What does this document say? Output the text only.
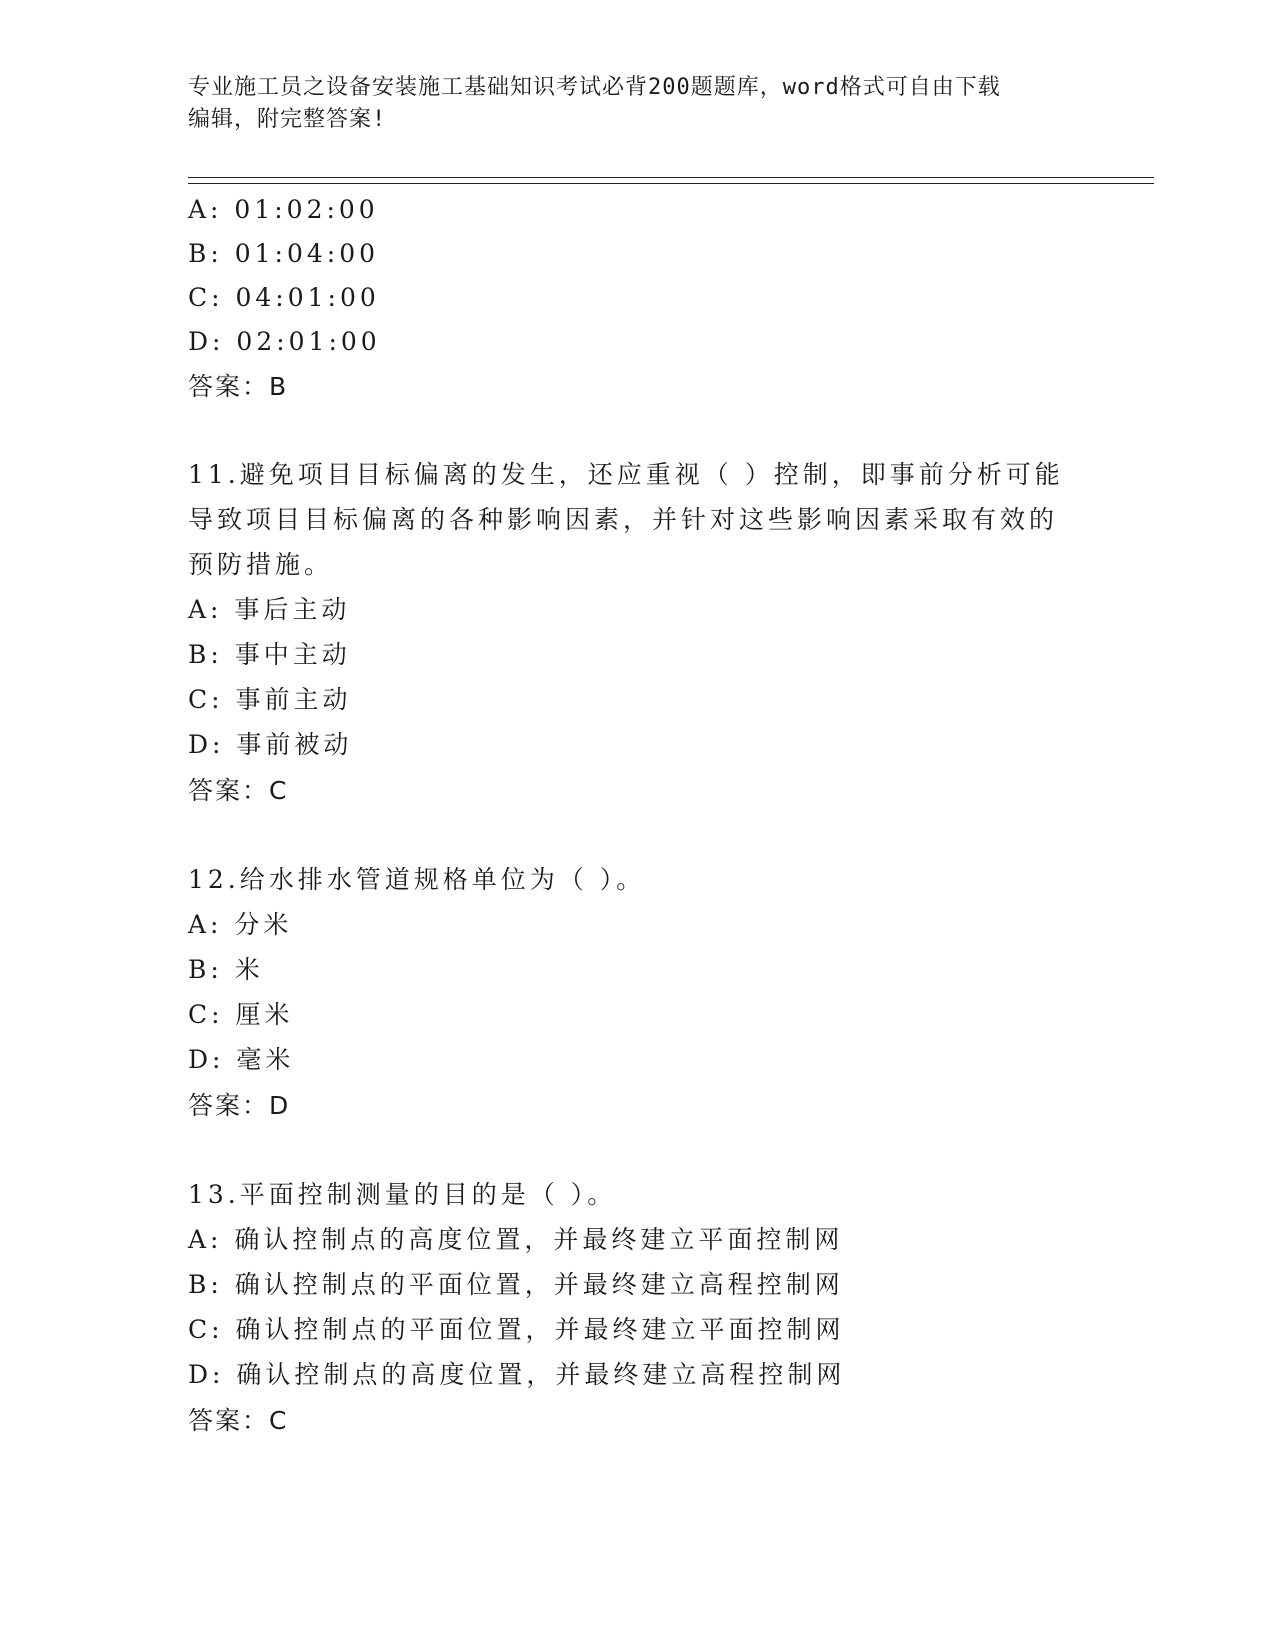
专业施工员之设备安装施工基础知识考试必背200题题库，word格式可自由下载
编辑，附完整答案!
A: 01:02:00
B: 01:04:00
C: 04:01:00
D: 02:01:00
答案：B
11.避免项目目标偏离的发生，还应重视（ ）控制，即事前分析可能
导致项目目标偏离的各种影响因素，并针对这些影响因素采取有效的
预防措施。
A: 事后主动
B: 事中主动
C: 事前主动
D: 事前被动
答案：C
12.给水排水管道规格单位为（ ）。
A: 分米
B: 米
C: 厘米
D: 毫米
答案：D
13.平面控制测量的目的是（ ）。
A: 确认控制点的高度位置，并最终建立平面控制网
B: 确认控制点的平面位置，并最终建立高程控制网
C: 确认控制点的平面位置，并最终建立平面控制网
D: 确认控制点的高度位置，并最终建立高程控制网
答案：C
